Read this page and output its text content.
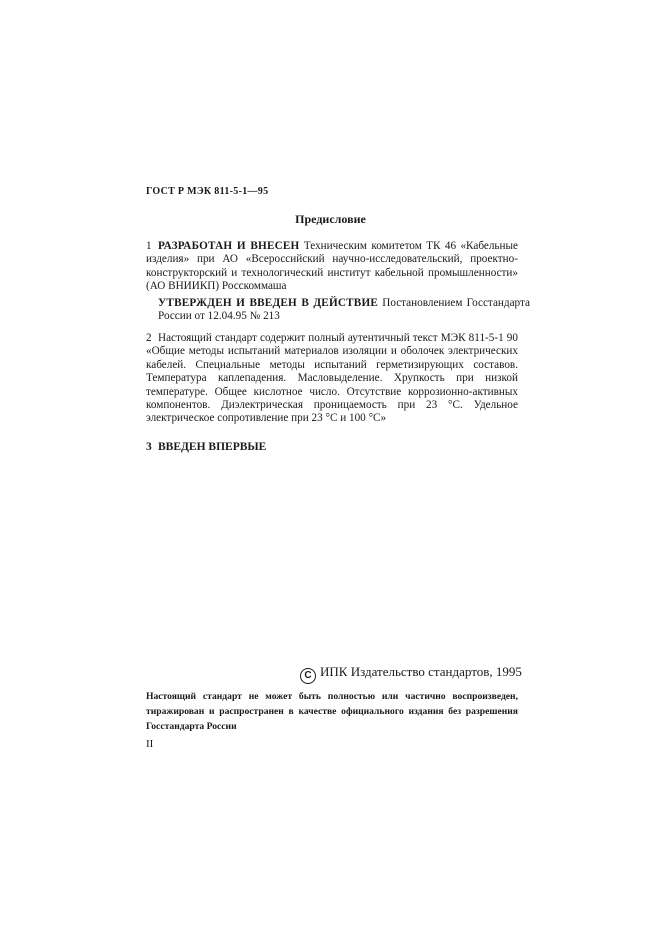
ГОСТ Р МЭК 811-5-1—95
Предисловие
1 РАЗРАБОТАН И ВНЕСЕН Техническим комитетом ТК 46 «Кабельные изделия» при АО «Всероссийский научно-исследовательский, проектно-конструкторский и технологический институт кабельной промышленности» (АО ВНИИКП) Росскоммаша
УТВЕРЖДЕН И ВВЕДЕН В ДЕЙСТВИЕ Постановлением Госстандарта России от 12.04.95 № 213
2 Настоящий стандарт содержит полный аутентичный текст МЭК 811-5-1 90 «Общие методы испытаний материалов изоляции и оболочек электрических кабелей. Специальные методы испытаний герметизирующих составов. Температура каплепадения. Масловыделение. Хрупкость при низкой температуре. Общее кислотное число. Отсутствие коррозионно-активных компонентов. Диэлектрическая проницаемость при 23 °С. Удельное электрическое сопротивление при 23 °С и 100 °С»
3 ВВЕДЕН ВПЕРВЫЕ
C ИПК Издательство стандартов, 1995
Настоящий стандарт не может быть полностью или частично воспроизведен, тиражирован и распространен в качестве официального издания без разрешения Госстандарта России
II
